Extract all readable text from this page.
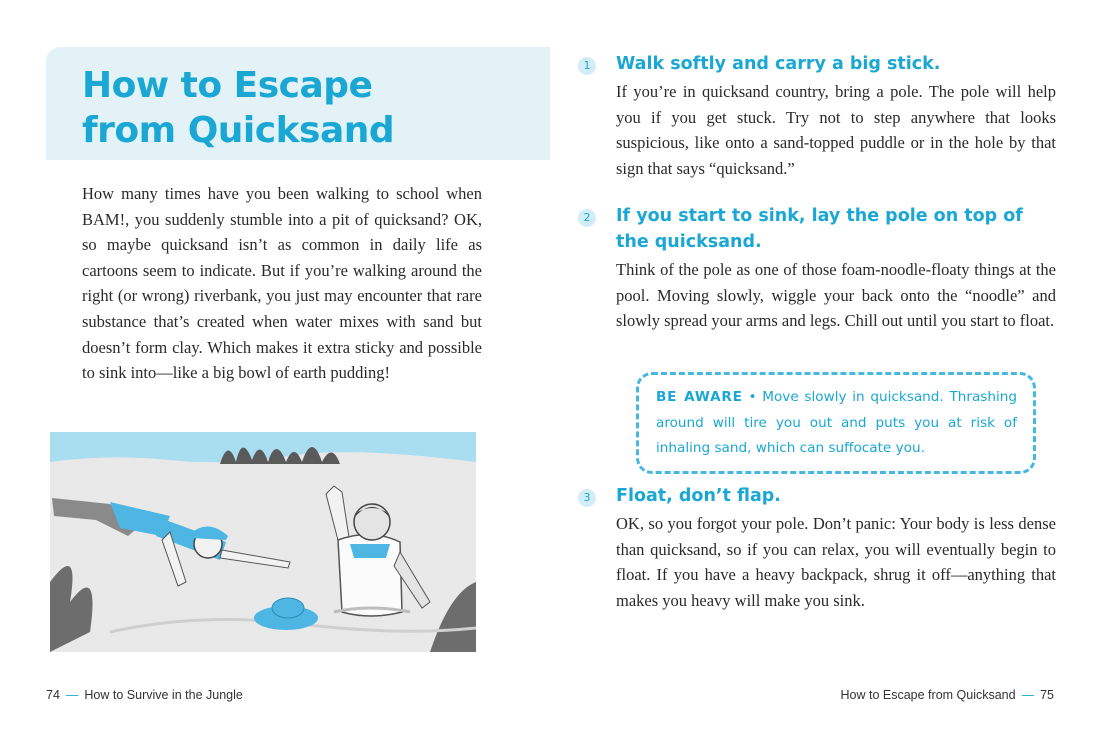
How to Escape
from Quicksand

How many times have you been walking to school when BAM!, you suddenly stumble into a pit of quicksand? OK, so maybe quicksand isn’t as common in daily life as cartoons seem to indicate. But if you’re walking around the right (or wrong) riverbank, you just may encounter that rare substance that’s created when water mixes with sand but doesn’t form clay. Which makes it extra sticky and possible to sink into—like a big bowl of earth pudding!

74 — How to Survive in the Jungle
1	Walk softly and carry a big stick.

If you’re in quicksand country, bring a pole. The pole will help you if you get stuck. Try not to step anywhere that looks suspicious, like onto a sand-topped puddle or in the hole by that sign that says “quicksand.”

2	If you start to sink, lay the pole on top of the quicksand.

Think of the pole as one of those foam-noodle-floaty things at the pool. Moving slowly, wiggle your back onto the “noodle” and slowly spread your arms and legs. Chill out until you start to float.

BE AWARE • Move slowly in quicksand. Thrashing around will tire you out and puts you at risk of inhaling sand, which can suffocate you.
3	Float, don’t flap.

OK, so you forgot your pole. Don’t panic: Your body is less dense than quicksand, so if you can relax, you will eventually begin to float. If you have a heavy backpack, shrug it off—anything that makes you heavy will make you sink.

How to Escape from Quicksand — 75
